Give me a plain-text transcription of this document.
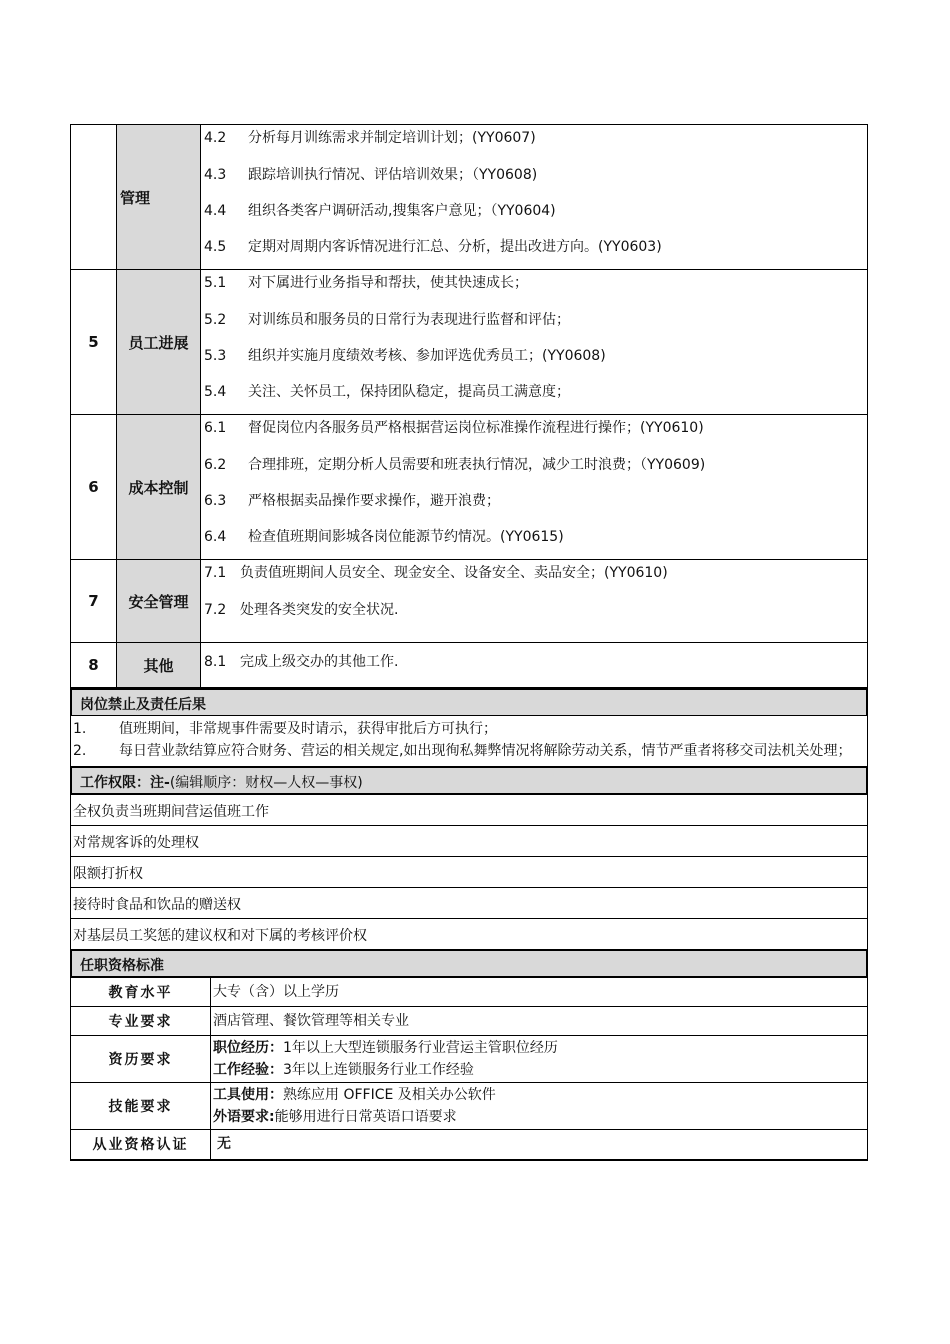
	管理	4.2 分析每月训练需求并制定培训计划；(YY0607)
4.3 跟踪培训执行情况、评估培训效果；（YY0608)
4.4 组织各类客户调研活动,搜集客户意见；（YY0604)
4.5 定期对周期内客诉情况进行汇总、分析，提出改进方向。(YY0603)

5	员工进展	5.1 对下属进行业务指导和帮扶，使其快速成长；
5.2 对训练员和服务员的日常行为表现进行监督和评估；
5.3 组织并实施月度绩效考核、参加评选优秀员工；(YY0608)
5.4 关注、关怀员工，保持团队稳定，提高员工满意度；

6	成本控制	6.1 督促岗位内各服务员严格根据营运岗位标准操作流程进行操作；(YY0610)
6.2 合理排班，定期分析人员需要和班表执行情况，减少工时浪费；（YY0609)
6.3 严格根据卖品操作要求操作，避开浪费；
6.4 检查值班期间影城各岗位能源节约情况。(YY0615)

7	安全管理	7.1 负责值班期间人员安全、现金安全、设备安全、卖品安全；(YY0610)
7.2 处理各类突发的安全状况.

8	其他	8.1 完成上级交办的其他工作.
岗位禁止及责任后果
1.	值班期间，非常规事件需要及时请示，获得审批后方可执行；
2.	每日营业款结算应符合财务、营运的相关规定,如出现徇私舞弊情况将解除劳动关系，情节严重者将移交司法机关处理；
工作权限：注-(编辑顺序：财权—人权—事权)
全权负责当班期间营运值班工作
对常规客诉的处理权
限额打折权
接待时食品和饮品的赠送权
对基层员工奖惩的建议权和对下属的考核评价权
任职资格标准
教育水平	大专（含）以上学历
专业要求	酒店管理、餐饮管理等相关专业
资历要求	职位经历：1年以上大型连锁服务行业营运主管职位经历
工作经验：3年以上连锁服务行业工作经验

技能要求	工具使用：熟练应用 OFFICE 及相关办公软件
外语要求:能够用进行日常英语口语要求

从业资格认证	无
